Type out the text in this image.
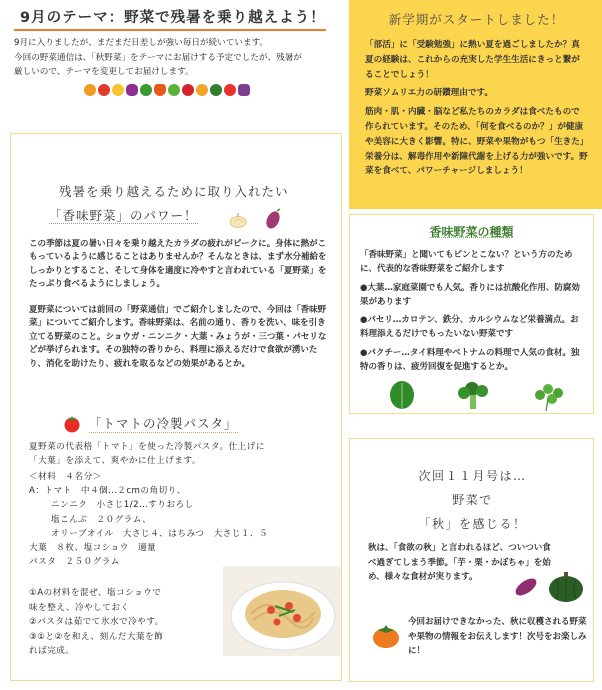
9月のテーマ：野菜で残暑を乗り越えよう！
9月に入りましたが、まだまだ日差しが強い毎日が続いています。
今回の野菜通信は、「秋野菜」をテーマにお届けする予定でしたが、残暑が
厳しいので、テーマを変更してお届けします。
新学期がスタートしました！

「部活」に「受験勉強」に熱い夏を過ごしましたか？真夏の経験は、これからの充実した学生生活にきっと繋がることでしょう！

野菜ソムリエ力の研鑽理由です。

筋肉・肌・内臓・脳など私たちのカラダは食べたもので作られています。そのため、「何を食べるのか？」が健康や美容に大きく影響。特に、野菜や果物がもつ「生きた」栄養分は、解毒作用や新陳代謝を上げる力が強いです。野菜を食べて、パワーチャージしましょう！

残暑を乗り越えるために取り入れたい
「香味野菜」のパワー！
この季節は夏の暑い日々を乗り越えたカラダの疲れがピークに。身体に熱がこもっているように感じることはありませんか？そんなときは、まず水分補給をしっかりとすること、そして身体を適度に冷やすと言われている「夏野菜」をたっぷり食べるようにしましょう。
夏野菜については前回の「野菜通信」でご紹介しましたので、今回は「香味野菜」についてご紹介します。香味野菜は、名前の通り、香りを洗い、味を引き立てる野菜のこと。ショウガ・ニンニク・大葉・みょうが・三つ葉・パセリなどが挙げられます。その独特の香りから、料理に添えるだけで食欲が湧いたり、消化を助けたり、疲れを取るなどの効果があるとか。
「トマトの冷製パスタ」
夏野菜の代表格「トマト」を使った冷製パスタ。仕上げに
「大葉」を添えて、爽やかに仕上げます。
＜材料　４名分＞
A：トマト　中４個…２cmの角切り、
ニンニク　小さじ1/2…すりおろし
塩こんぶ　２０グラム、
オリーブオイル　大さじ４、はちみつ　大さじ１．５
大葉　８枚、塩コショウ　適量
パスタ　２５０グラム
①Aの材料を混ぜ、塩コショウで
味を整え、冷やしておく
②パスタは茹でて氷水で冷やす。
③①と②を和え、刻んだ大葉を飾
れば完成。
香味野菜の種類

「香味野菜」と聞いてもピンとこない？という方のために、代表的な香味野菜をご紹介します

●大葉…家庭菜園でも人気。香りには抗酸化作用、防腐効果があります

●パセリ…カロテン、鉄分、カルシウムなど栄養満点。お料理添えるだけでもったいない野菜です

●パクチー…タイ料理やベトナムの料理で人気の食材。独特の香りは、疲労回復を促進するとか。

次回１１月号は…
野菜で
「秋」を感じる！
秋は、「食欲の秋」と言われるほど、ついつい食べ過ぎてしまう季節。「芋・栗・かぼちゃ」を始め、様々な食材が実ります。
今回お届けできなかった、秋に収穫される野菜や果物の情報をお伝えします！次号をお楽しみに！
